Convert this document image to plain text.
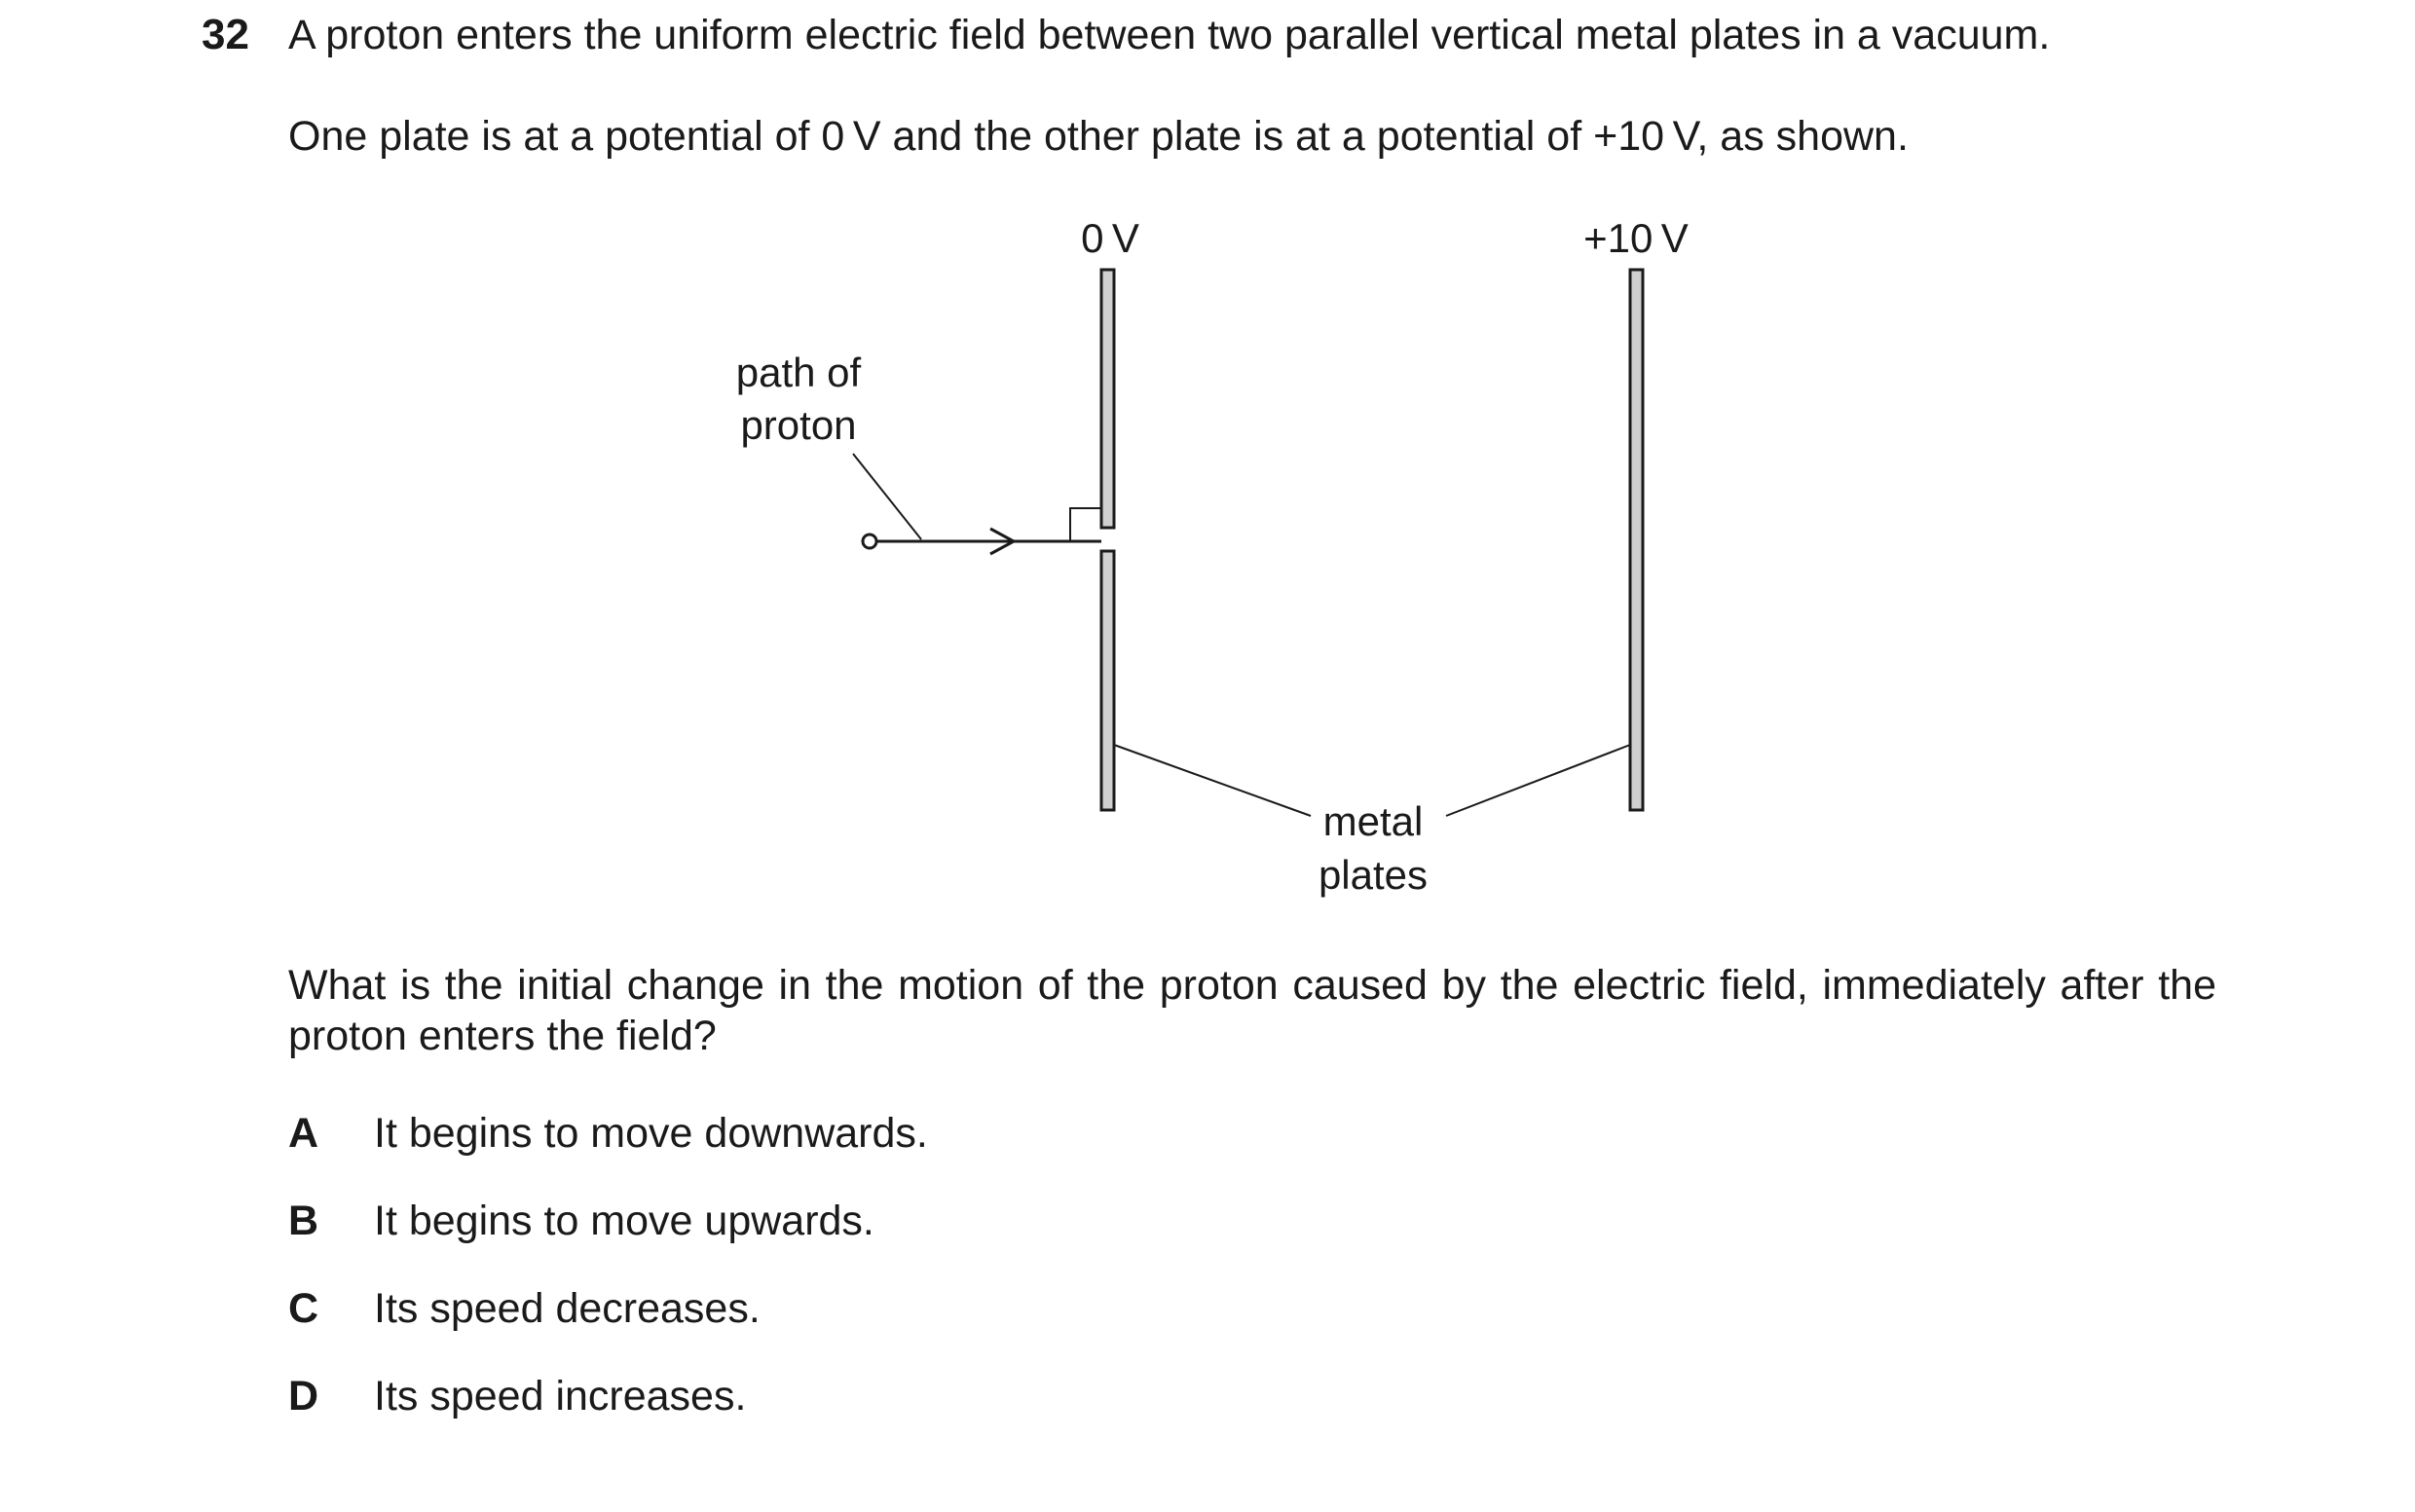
32 A proton enters the uniform electric field between two parallel vertical metal plates in a vacuum.
One plate is at a potential of 0 V and the other plate is at a potential of +10 V, as shown.
0 V	+10 V
path of
proton
metal
plates
What is the initial change in the motion of the proton caused by the electric field, immediately after the proton enters the field?
A	It begins to move downwards.
B	It begins to move upwards.
C	Its speed decreases.
D	Its speed increases.
